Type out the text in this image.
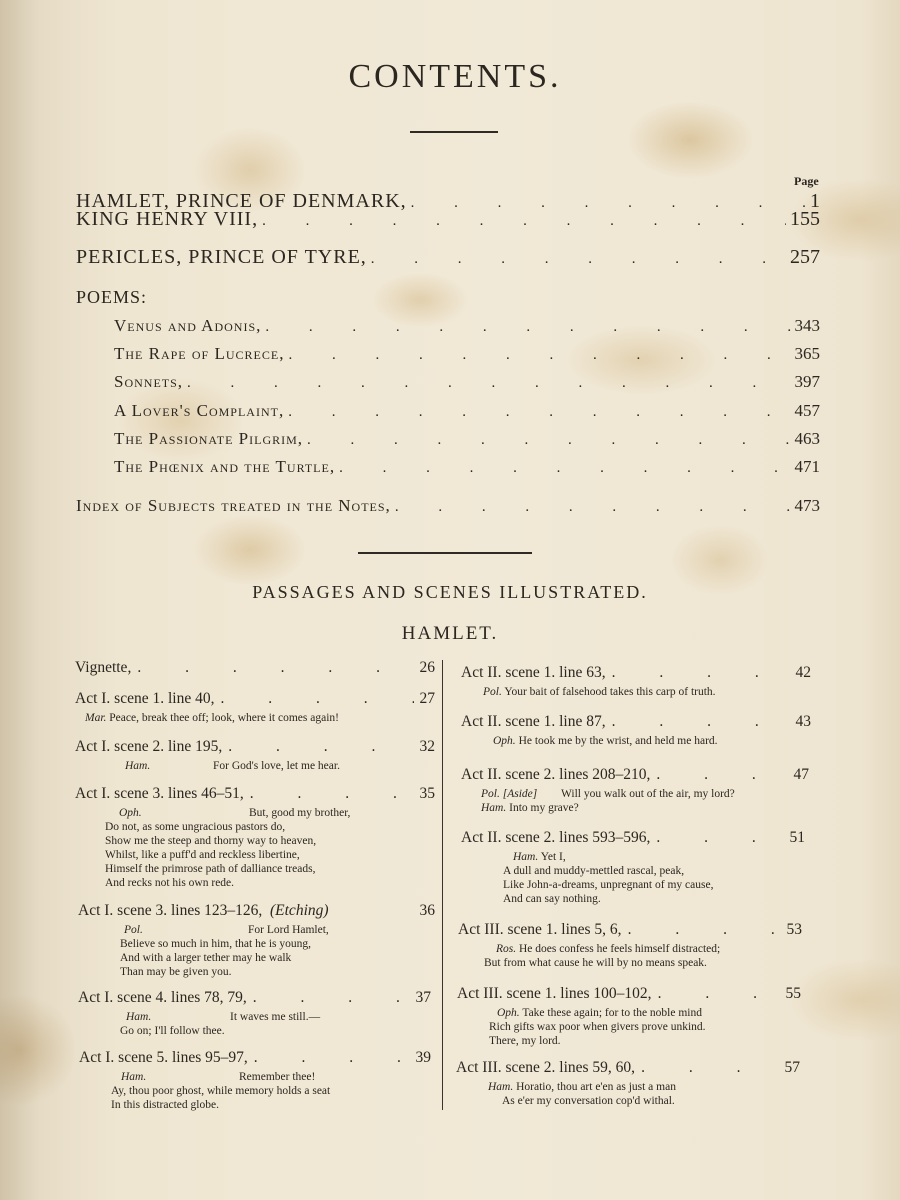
CONTENTS.
Page
HAMLET, PRINCE OF DENMARK, . . .	1
KING HENRY VIII, . . .	155
PERICLES, PRINCE OF TYRE, . . .	257
POEMS:
Venus and Adonis, . . .	343
The Rape of Lucrece, . . .	365
Sonnets, . . .	397
A Lover's Complaint, . . .	457
The Passionate Pilgrim, . . .	463
The Phœnix and the Turtle, . . .	471
Index of Subjects treated in the Notes, . . .	473
PASSAGES AND SCENES ILLUSTRATED.
HAMLET.
Vignette, . . .	26
Act I. scene 1. line 40, . . .	27
Mar. Peace, break thee off; look, where it comes again!
Act I. scene 2. line 195, . . .	32
Ham.	For God's love, let me hear.
Act I. scene 3. lines 46–51, . . .	35
Oph.	But, good my brother,
Do not, as some ungracious pastors do,
Show me the steep and thorny way to heaven,
Whilst, like a puff'd and reckless libertine,
Himself the primrose path of dalliance treads,
And recks not his own rede.
Act I. scene 3. lines 123–126, (Etching)	36
Pol.	For Lord Hamlet,
Believe so much in him, that he is young,
And with a larger tether may he walk
Than may be given you.
Act I. scene 4. lines 78, 79, . . .	37
Ham.	It waves me still.—
Go on; I'll follow thee.
Act I. scene 5. lines 95–97, . . .	39
Ham.	Remember thee!
Ay, thou poor ghost, while memory holds a seat
In this distracted globe.
Act II. scene 1. line 63, . . .	42
Pol. Your bait of falsehood takes this carp of truth.
Act II. scene 1. line 87, . . .	43
Oph. He took me by the wrist, and held me hard.
Act II. scene 2. lines 208–210, . . .	47
Pol. [Aside] Will you walk out of the air, my lord?
Ham. Into my grave?
Act II. scene 2. lines 593–596, . . .	51
Ham. Yet I,
A dull and muddy-mettled rascal, peak,
Like John-a-dreams, unpregnant of my cause,
And can say nothing.
Act III. scene 1. lines 5, 6, . . .	53
Ros. He does confess he feels himself distracted;
But from what cause he will by no means speak.
Act III. scene 1. lines 100–102, . . .	55
Oph. Take these again; for to the noble mind
Rich gifts wax poor when givers prove unkind.
There, my lord.
Act III. scene 2. lines 59, 60, . . .	57
Ham. Horatio, thou art e'en as just a man
As e'er my conversation cop'd withal.
